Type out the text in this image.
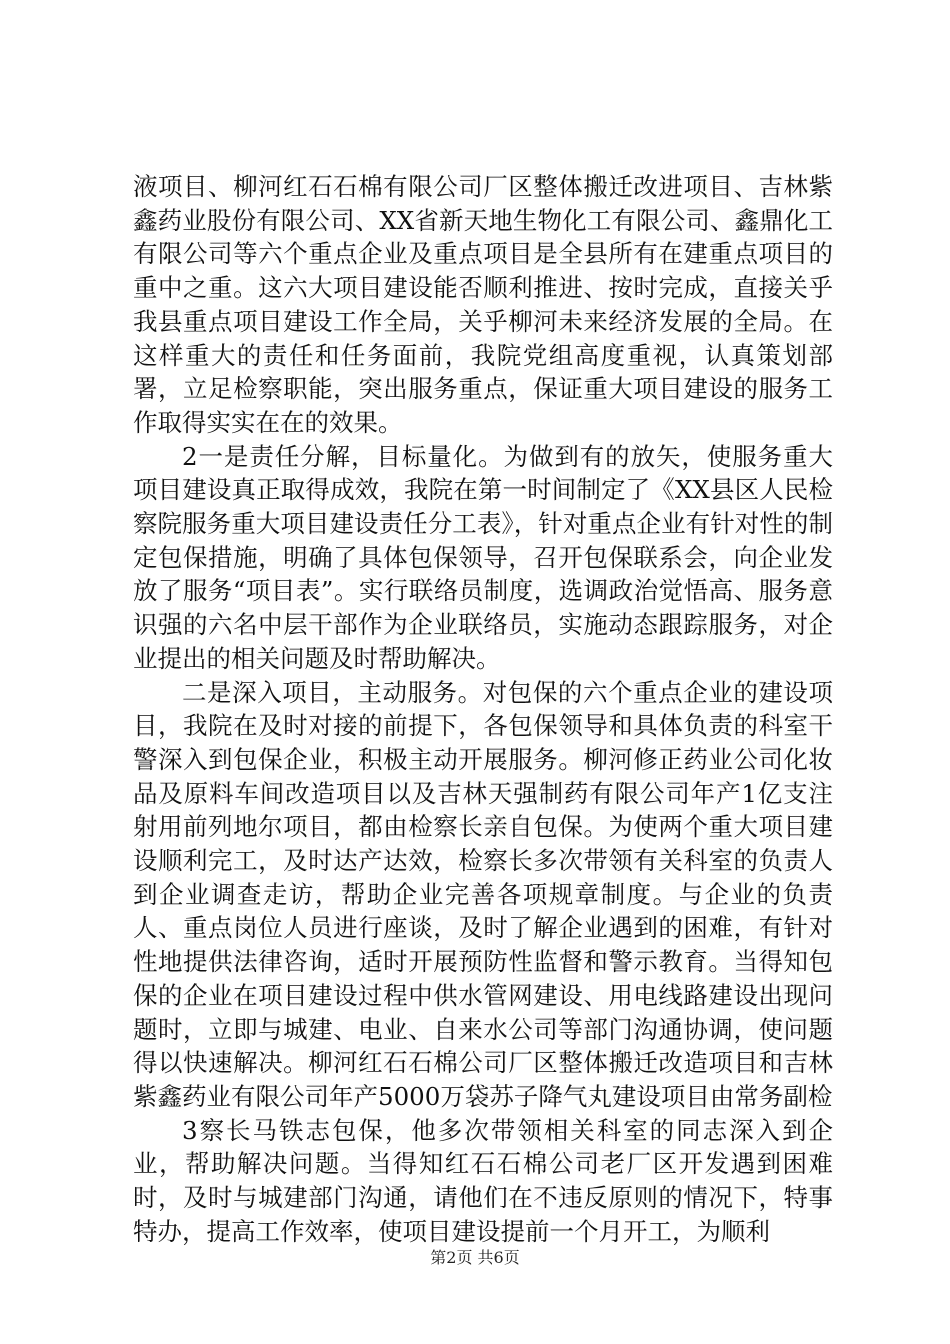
液项目、柳河红石石棉有限公司厂区整体搬迁改进项目、吉林紫鑫药业股份有限公司、XX省新天地生物化工有限公司、鑫鼎化工有限公司等六个重点企业及重点项目是全县所有在建重点项目的重中之重。这六大项目建设能否顺利推进、按时完成，直接关乎我县重点项目建设工作全局，关乎柳河未来经济发展的全局。在这样重大的责任和任务面前，我院党组高度重视，认真策划部署，立足检察职能，突出服务重点，保证重大项目建设的服务工作取得实实在在的效果。

2一是责任分解，目标量化。为做到有的放矢，使服务重大项目建设真正取得成效，我院在第一时间制定了《XX县区人民检察院服务重大项目建设责任分工表》，针对重点企业有针对性的制定包保措施，明确了具体包保领导，召开包保联系会，向企业发放了服务“项目表”。实行联络员制度，选调政治觉悟高、服务意识强的六名中层干部作为企业联络员，实施动态跟踪服务，对企业提出的相关问题及时帮助解决。

二是深入项目，主动服务。对包保的六个重点企业的建设项目，我院在及时对接的前提下，各包保领导和具体负责的科室干警深入到包保企业，积极主动开展服务。柳河修正药业公司化妆品及原料车间改造项目以及吉林天强制药有限公司年产1亿支注射用前列地尔项目，都由检察长亲自包保。为使两个重大项目建设顺利完工，及时达产达效，检察长多次带领有关科室的负责人到企业调查走访，帮助企业完善各项规章制度。与企业的负责人、重点岗位人员进行座谈，及时了解企业遇到的困难，有针对性地提供法律咨询，适时开展预防性监督和警示教育。当得知包保的企业在项目建设过程中供水管网建设、用电线路建设出现问题时，立即与城建、电业、自来水公司等部门沟通协调，使问题得以快速解决。柳河红石石棉公司厂区整体搬迁改造项目和吉林紫鑫药业有限公司年产5000万袋苏子降气丸建设项目由常务副检

3察长马铁志包保，他多次带领相关科室的同志深入到企业，帮助解决问题。当得知红石石棉公司老厂区开发遇到困难时，及时与城建部门沟通，请他们在不违反原则的情况下，特事特办，提高工作效率，使项目建设提前一个月开工，为顺利

第2页 共6页
